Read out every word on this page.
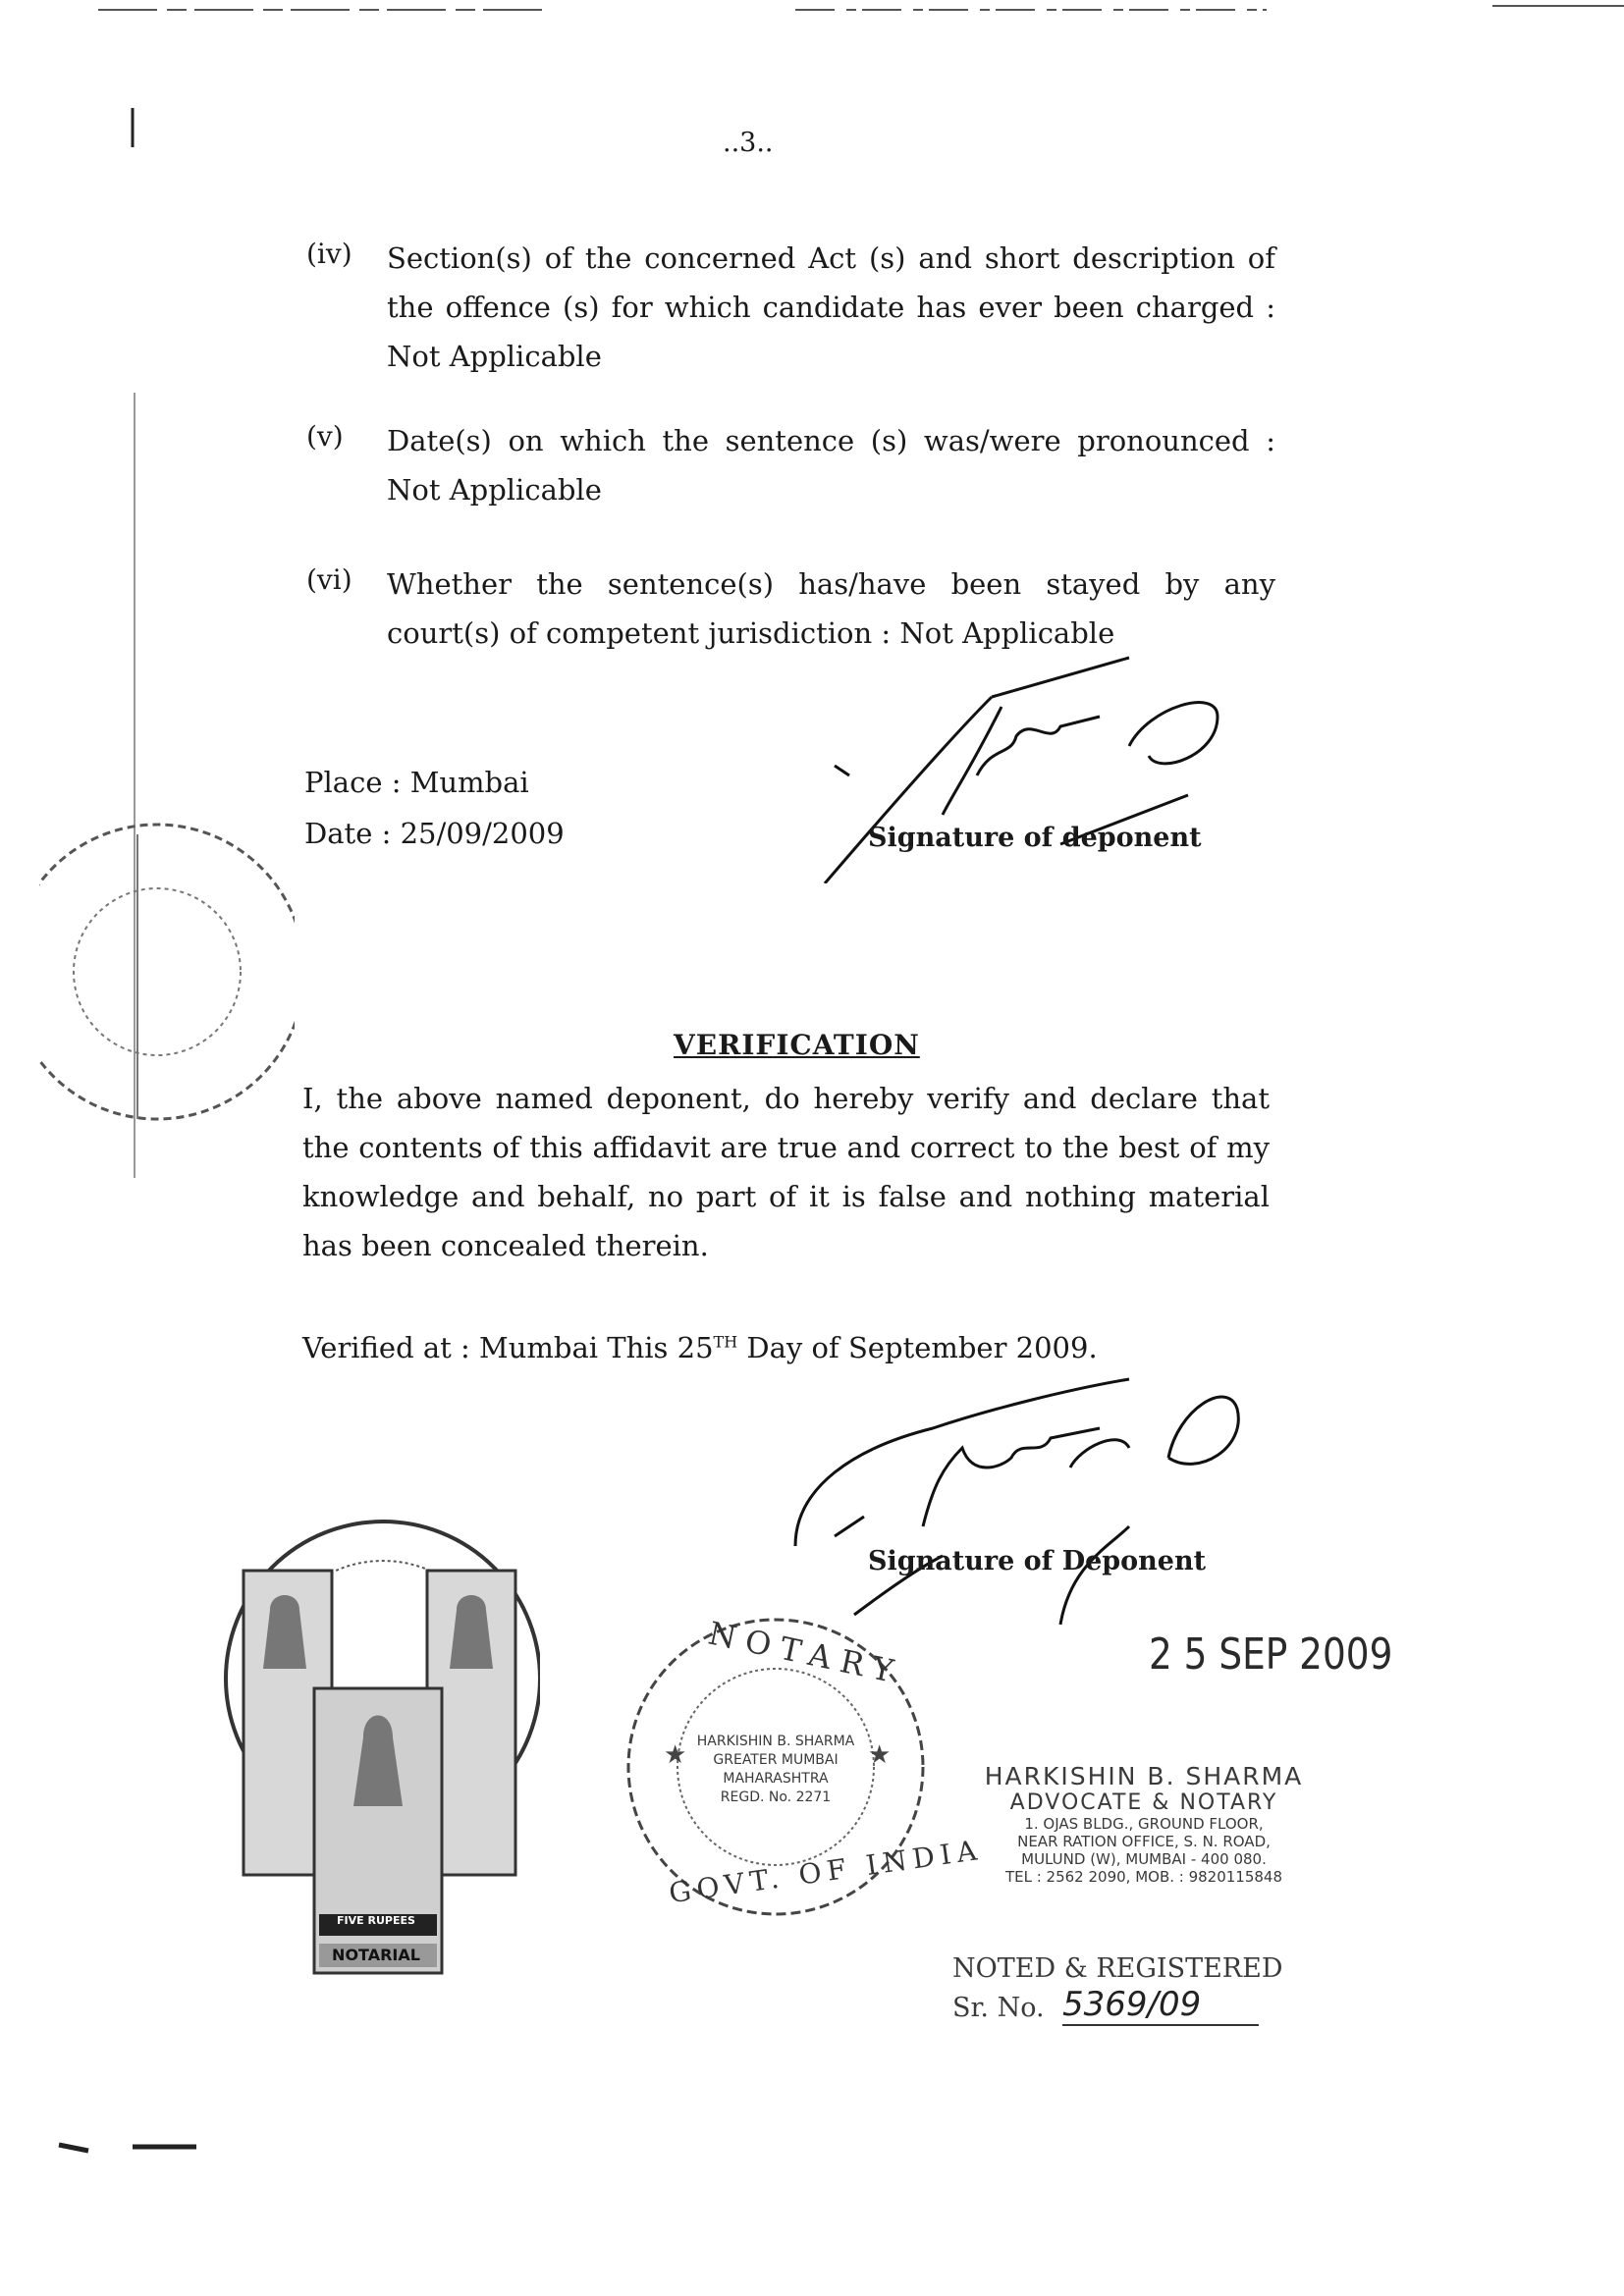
..3..
(iv) Section(s) of the concerned Act (s) and short description of the offence (s) for which candidate has ever been charged : Not Applicable
(v) Date(s) on which the sentence (s) was/were pronounced : Not Applicable
(vi) Whether the sentence(s) has/have been stayed by any court(s) of competent jurisdiction : Not Applicable
Place : Mumbai
Date : 25/09/2009	Signature of deponent
VERIFICATION
I, the above named deponent, do hereby verify and declare that the contents of this affidavit are true and correct to the best of my knowledge and behalf, no part of it is false and nothing material has been concealed therein.
Verified at : Mumbai This 25TH Day of September 2009.
Signature of Deponent
2 5 SEP 2009
FIVE RUPEES
NOTARIAL
★	★
NOTARY
GOVT. OF INDIA
HARKISHIN B. SHARMA
GREATER MUMBAI
MAHARASHTRA
REGD. No. 2271
HARKISHIN B. SHARMA
ADVOCATE & NOTARY
1. OJAS BLDG., GROUND FLOOR,
NEAR RATION OFFICE, S. N. ROAD,
MULUND (W), MUMBAI - 400 080.
TEL : 2562 2090, MOB. : 9820115848
NOTED & REGISTERED
Sr. No. 5369/09
